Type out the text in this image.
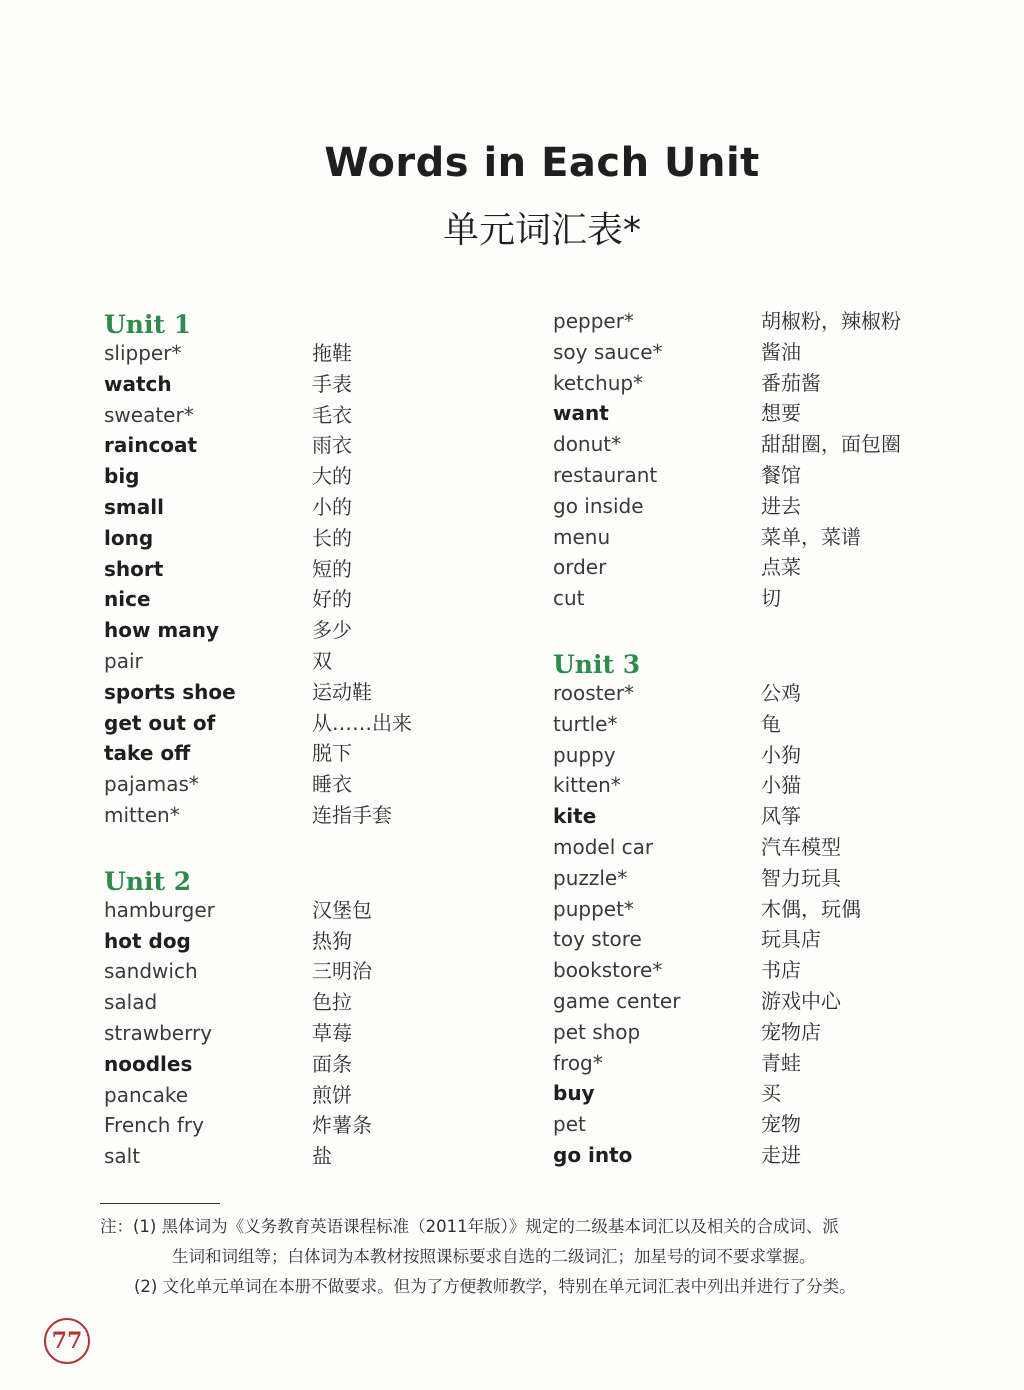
Words in Each Unit
单元词汇表*
Unit 1
slipper*	拖鞋
watch	手表
sweater*	毛衣
raincoat	雨衣
big	大的
small	小的
long	长的
short	短的
nice	好的
how many	多少
pair	双
sports shoe	运动鞋
get out of	从……出来
take off	脱下
pajamas*	睡衣
mitten*	连指手套
Unit 2
hamburger	汉堡包
hot dog	热狗
sandwich	三明治
salad	色拉
strawberry	草莓
noodles	面条
pancake	煎饼
French fry	炸薯条
salt	盐
pepper*	胡椒粉，辣椒粉
soy sauce*	酱油
ketchup*	番茄酱
want	想要
donut*	甜甜圈，面包圈
restaurant	餐馆
go inside	进去
menu	菜单，菜谱
order	点菜
cut	切
Unit 3
rooster*	公鸡
turtle*	龟
puppy	小狗
kitten*	小猫
kite	风筝
model car	汽车模型
puzzle*	智力玩具
puppet*	木偶，玩偶
toy store	玩具店
bookstore*	书店
game center	游戏中心
pet shop	宠物店
frog*	青蛙
buy	买
pet	宠物
go into	走进

注：(1) 黑体词为《义务教育英语课程标准（2011年版）》规定的二级基本词汇以及相关的合成词、派

生词和词组等；白体词为本教材按照课标要求自选的二级词汇；加星号的词不要求掌握。

(2) 文化单元单词在本册不做要求。但为了方便教师教学，特别在单元词汇表中列出并进行了分类。

77
